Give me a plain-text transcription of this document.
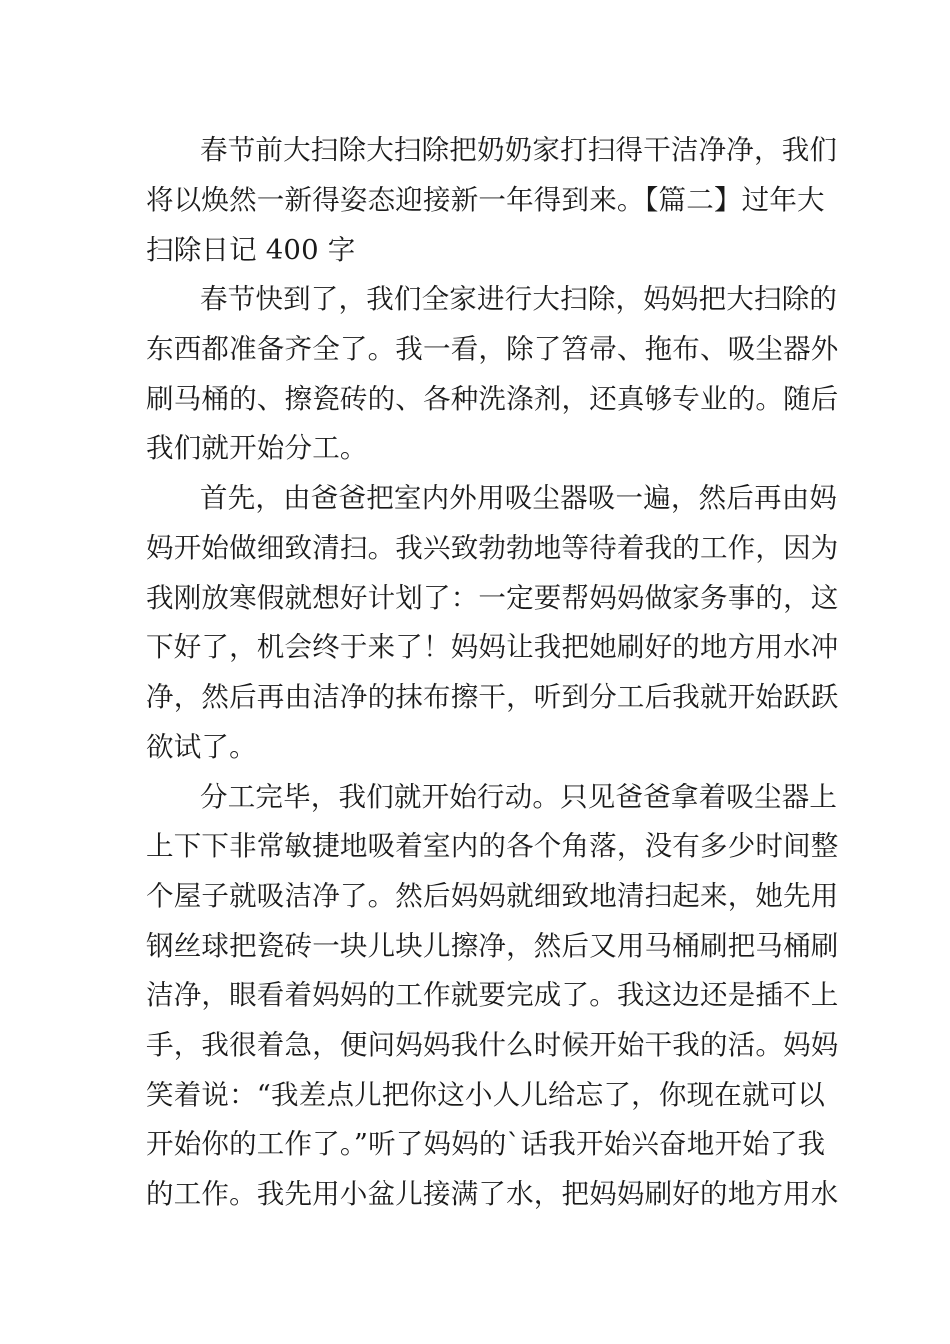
春节前大扫除大扫除把奶奶家打扫得干洁净净，我们
将以焕然一新得姿态迎接新一年得到来。【篇二】过年大
扫除日记 400 字
春节快到了，我们全家进行大扫除，妈妈把大扫除的
东西都准备齐全了。我一看，除了笤帚、拖布、吸尘器外
刷马桶的、擦瓷砖的、各种洗涤剂，还真够专业的。随后
我们就开始分工。
首先，由爸爸把室内外用吸尘器吸一遍，然后再由妈
妈开始做细致清扫。我兴致勃勃地等待着我的工作，因为
我刚放寒假就想好计划了：一定要帮妈妈做家务事的，这
下好了，机会终于来了！妈妈让我把她刷好的地方用水冲
净，然后再由洁净的抹布擦干，听到分工后我就开始跃跃
欲试了。
分工完毕，我们就开始行动。只见爸爸拿着吸尘器上
上下下非常敏捷地吸着室内的各个角落，没有多少时间整
个屋子就吸洁净了。然后妈妈就细致地清扫起来，她先用
钢丝球把瓷砖一块儿块儿擦净，然后又用马桶刷把马桶刷
洁净，眼看着妈妈的工作就要完成了。我这边还是插不上
手，我很着急，便问妈妈我什么时候开始干我的活。妈妈
笑着说：“我差点儿把你这小人儿给忘了，你现在就可以
开始你的工作了。”听了妈妈的`话我开始兴奋地开始了我
的工作。我先用小盆儿接满了水，把妈妈刷好的地方用水
